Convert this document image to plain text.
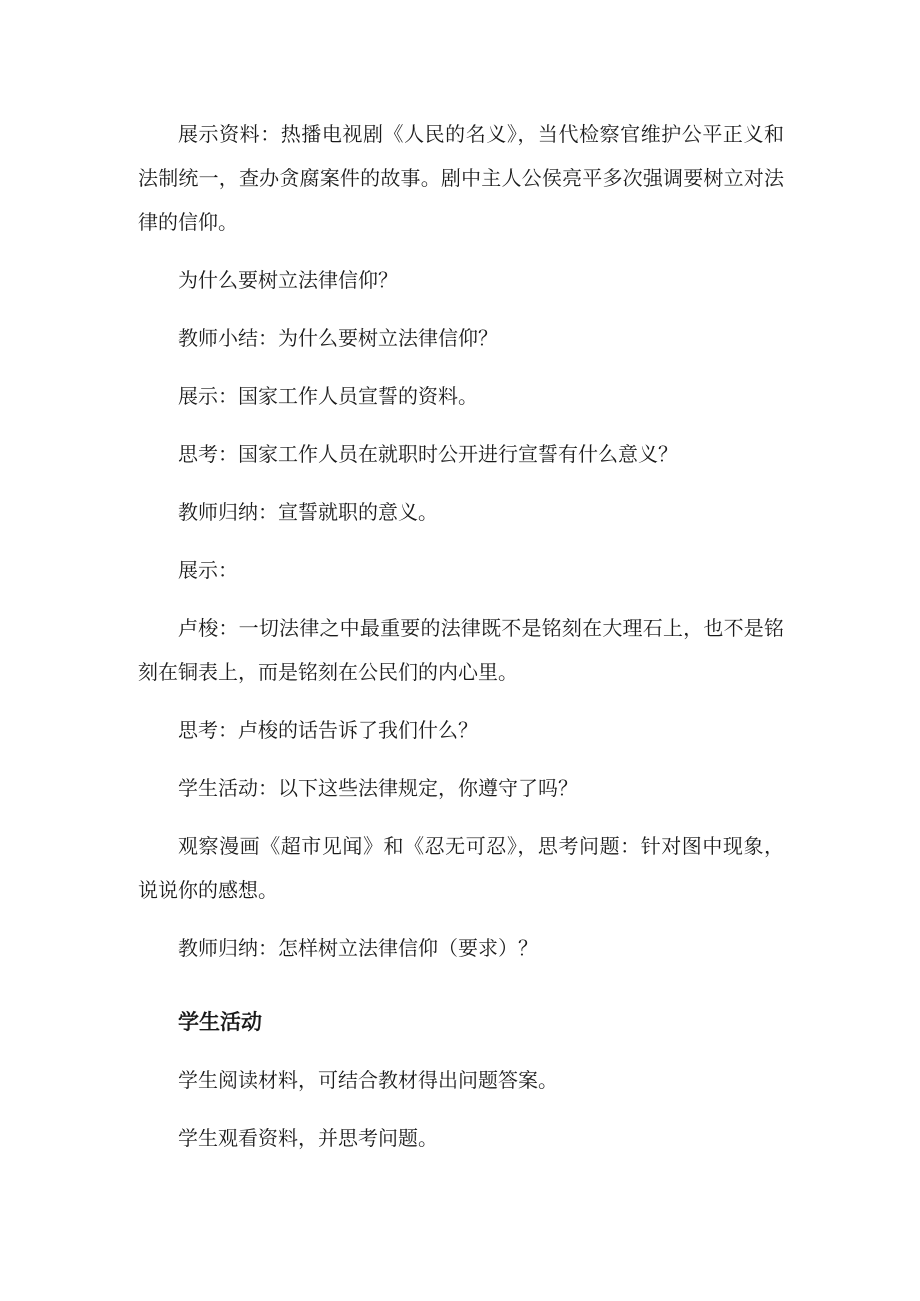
展示资料：热播电视剧《人民的名义》，当代检察官维护公平正义和法制统一，查办贪腐案件的故事。剧中主人公侯亮平多次强调要树立对法律的信仰。

为什么要树立法律信仰？

教师小结：为什么要树立法律信仰？

展示：国家工作人员宣誓的资料。

思考：国家工作人员在就职时公开进行宣誓有什么意义？

教师归纳：宣誓就职的意义。

展示：

卢梭：一切法律之中最重要的法律既不是铭刻在大理石上，也不是铭刻在铜表上，而是铭刻在公民们的内心里。

思考：卢梭的话告诉了我们什么？

学生活动：以下这些法律规定，你遵守了吗？

观察漫画《超市见闻》和《忍无可忍》，思考问题：针对图中现象，说说你的感想。

教师归纳：怎样树立法律信仰（要求）？

学生活动

学生阅读材料，可结合教材得出问题答案。

学生观看资料，并思考问题。
